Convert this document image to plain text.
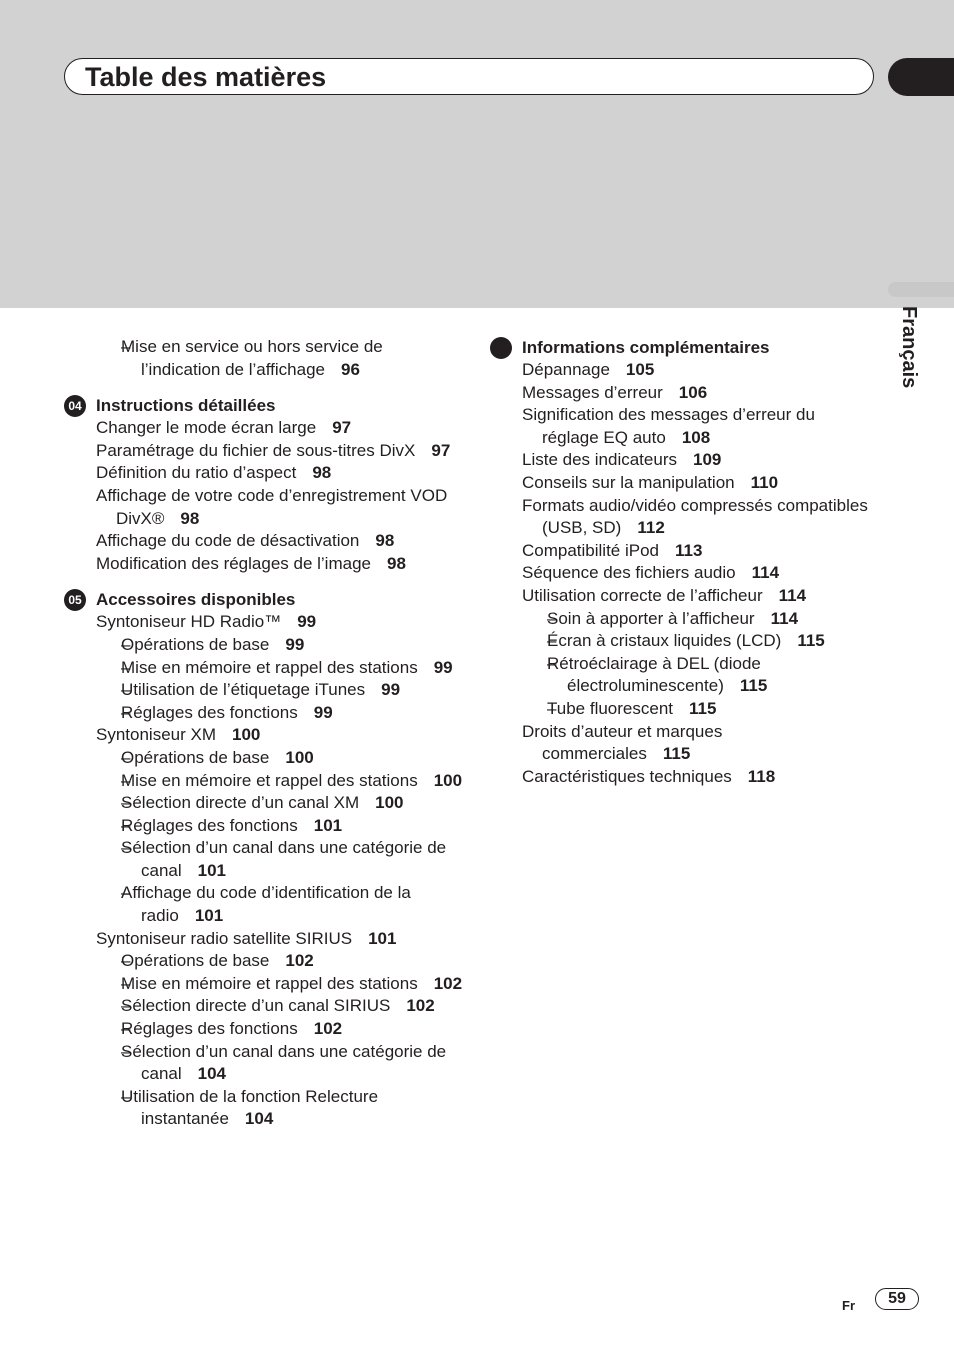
Table des matières
Français
– Mise en service ou hors service de l’indication de l’affichage 96
04 Instructions détaillées
Changer le mode écran large 97
Paramétrage du fichier de sous-titres DivX 97
Définition du ratio d’aspect 98
Affichage de votre code d’enregistrement VOD DivX® 98
Affichage du code de désactivation 98
Modification des réglages de l’image 98
05 Accessoires disponibles
Syntoniseur HD Radio™ 99
– Opérations de base 99
– Mise en mémoire et rappel des stations 99
– Utilisation de l’étiquetage iTunes 99
– Réglages des fonctions 99
Syntoniseur XM 100
– Opérations de base 100
– Mise en mémoire et rappel des stations 100
– Sélection directe d’un canal XM 100
– Réglages des fonctions 101
– Sélection d’un canal dans une catégorie de canal 101
– Affichage du code d’identification de la radio 101
Syntoniseur radio satellite SIRIUS 101
– Opérations de base 102
– Mise en mémoire et rappel des stations 102
– Sélection directe d’un canal SIRIUS 102
– Réglages des fonctions 102
– Sélection d’un canal dans une catégorie de canal 104
– Utilisation de la fonction Relecture instantanée 104
Informations complémentaires
Dépannage 105
Messages d’erreur 106
Signification des messages d’erreur du réglage EQ auto 108
Liste des indicateurs 109
Conseils sur la manipulation 110
Formats audio/vidéo compressés compatibles (USB, SD) 112
Compatibilité iPod 113
Séquence des fichiers audio 114
Utilisation correcte de l’afficheur 114
– Soin à apporter à l’afficheur 114
– Écran à cristaux liquides (LCD) 115
– Rétroéclairage à DEL (diode électroluminescente) 115
– Tube fluorescent 115
Droits d’auteur et marques commerciales 115
Caractéristiques techniques 118
Fr	59
